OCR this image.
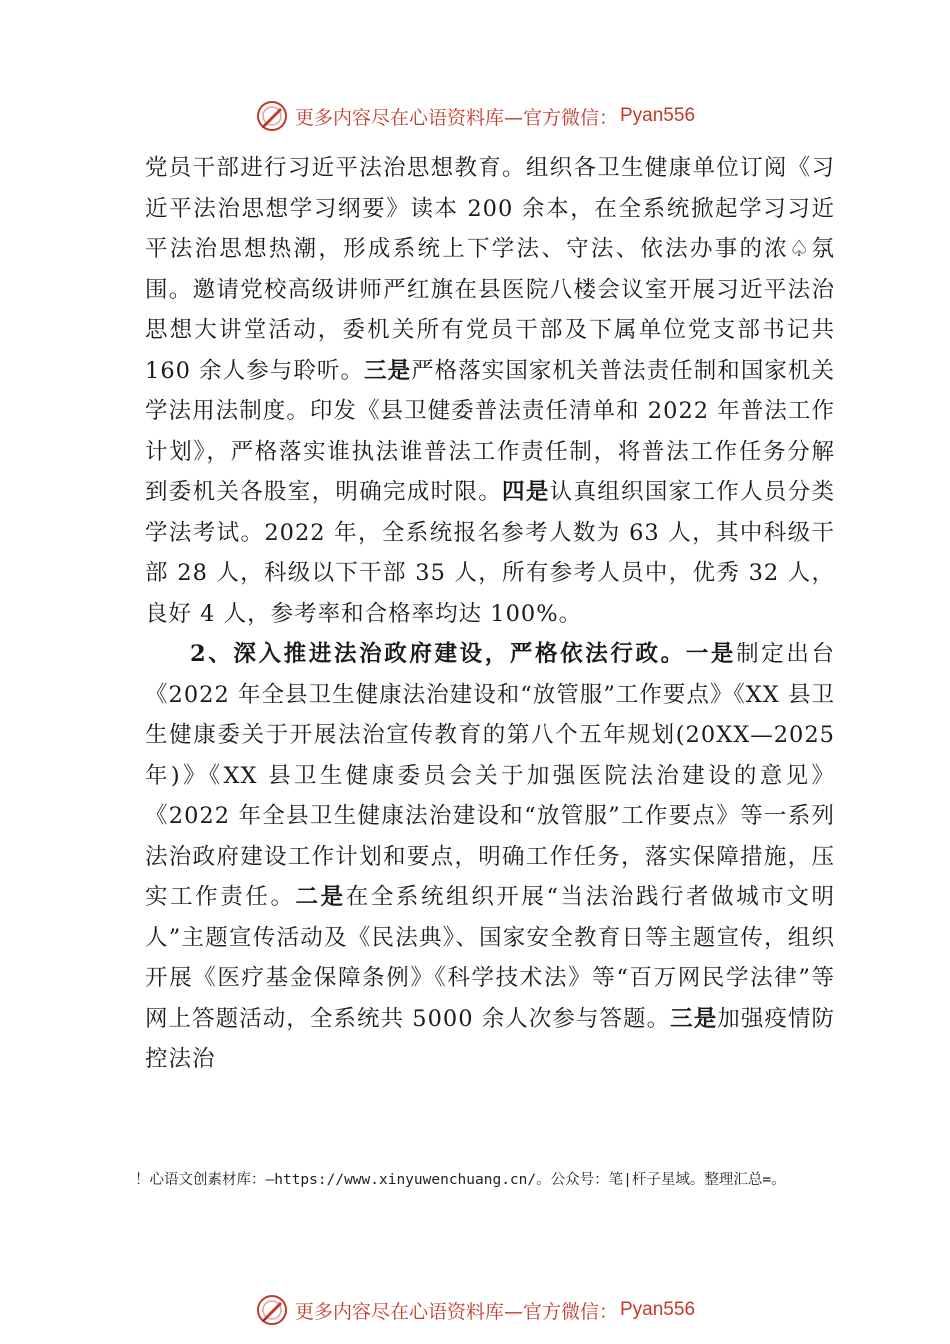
更多内容尽在心语资料库—官方微信： Pyan556

党员干部进行习近平法治思想教育。组织各卫生健康单位订阅《习近平法治思想学习纲要》读本 200 余本，在全系统掀起学习习近平法治思想热潮，形成系统上下学法、守法、依法办事的浓♤氛围。邀请党校高级讲师严红旗在县医院八楼会议室开展习近平法治思想大讲堂活动，委机关所有党员干部及下属单位党支部书记共 160 余人参与聆听。三是严格落实国家机关普法责任制和国家机关学法用法制度。印发《县卫健委普法责任清单和 2022 年普法工作计划》，严格落实谁执法谁普法工作责任制，将普法工作任务分解到委机关各股室，明确完成时限。四是认真组织国家工作人员分类学法考试。2022 年，全系统报名参考人数为 63 人，其中科级干部 28 人，科级以下干部 35 人，所有参考人员中，优秀 32 人， 良好 4 人，参考率和合格率均达 100%。

2、深入推进法治政府建设，严格依法行政。一是制定出台《2022 年全县卫生健康法治建设和“放管服”工作要点》《XX 县卫生健康委关于开展法治宣传教育的第八个五年规划(20XX—2025 年)》《XX 县卫生健康委员会关于加强医院法治建设的意见》《2022 年全县卫生健康法治建设和“放管服”工作要点》等一系列法治政府建设工作计划和要点，明确工作任务，落实保障措施，压实工作责任。二是在全系统组织开展“当法治践行者做城市文明人”主题宣传活动及《民法典》、国家安全教育日等主题宣传，组织开展《医疗基金保障条例》《科学技术法》等“百万网民学法律”等网上答题活动，全系统共 5000 余人次参与答题。三是加强疫情防控法治

！心语文创素材库：—https://www.xinyuwenchuang.cn/。公众号：笔|杆子星域。整理汇总=。
更多内容尽在心语资料库—官方微信： Pyan556
